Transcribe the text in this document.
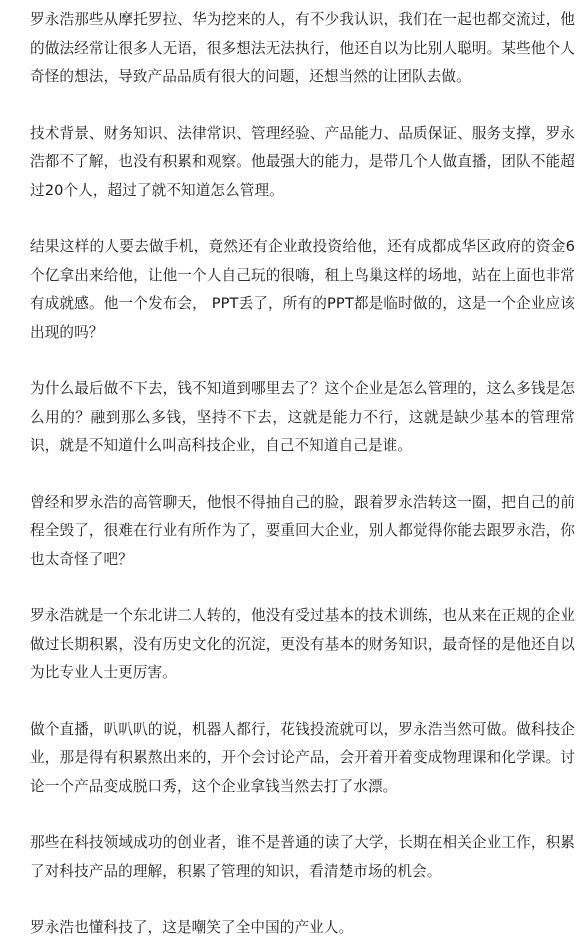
罗永浩那些从摩托罗拉、华为挖来的人，有不少我认识，我们在一起也都交流过，他的做法经常让很多人无语，很多想法无法执行，他还自以为比别人聪明。某些他个人奇怪的想法，导致产品品质有很大的问题，还想当然的让团队去做。

技术背景、财务知识、法律常识、管理经验、产品能力、品质保证、服务支撑，罗永浩都不了解，也没有积累和观察。他最强大的能力，是带几个人做直播，团队不能超过20个人，超过了就不知道怎么管理。

结果这样的人要去做手机，竟然还有企业敢投资给他，还有成都成华区政府的资金6个亿拿出来给他，让他一个人自己玩的很嗨，租上鸟巢这样的场地，站在上面也非常有成就感。他一个发布会， PPT丢了，所有的PPT都是临时做的，这是一个企业应该出现的吗？

为什么最后做不下去，钱不知道到哪里去了？这个企业是怎么管理的，这么多钱是怎么用的？融到那么多钱，坚持不下去，这就是能力不行，这就是缺少基本的管理常识，就是不知道什么叫高科技企业，自己不知道自己是谁。

曾经和罗永浩的高管聊天，他恨不得抽自己的脸，跟着罗永浩转这一圈，把自己的前程全毁了，很难在行业有所作为了，要重回大企业，别人都觉得你能去跟罗永浩，你也太奇怪了吧？

罗永浩就是一个东北讲二人转的，他没有受过基本的技术训练，也从来在正规的企业做过长期积累，没有历史文化的沉淀，更没有基本的财务知识，最奇怪的是他还自以为比专业人士更厉害。

做个直播，叭叭叭的说，机器人都行，花钱投流就可以，罗永浩当然可做。做科技企业，那是得有积累熬出来的，开个会讨论产品，会开着开着变成物理课和化学课。讨论一个产品变成脱口秀，这个企业拿钱当然去打了水漂。

那些在科技领域成功的创业者，谁不是普通的读了大学，长期在相关企业工作，积累了对科技产品的理解，积累了管理的知识，看清楚市场的机会。

罗永浩也懂科技了，这是嘲笑了全中国的产业人。
